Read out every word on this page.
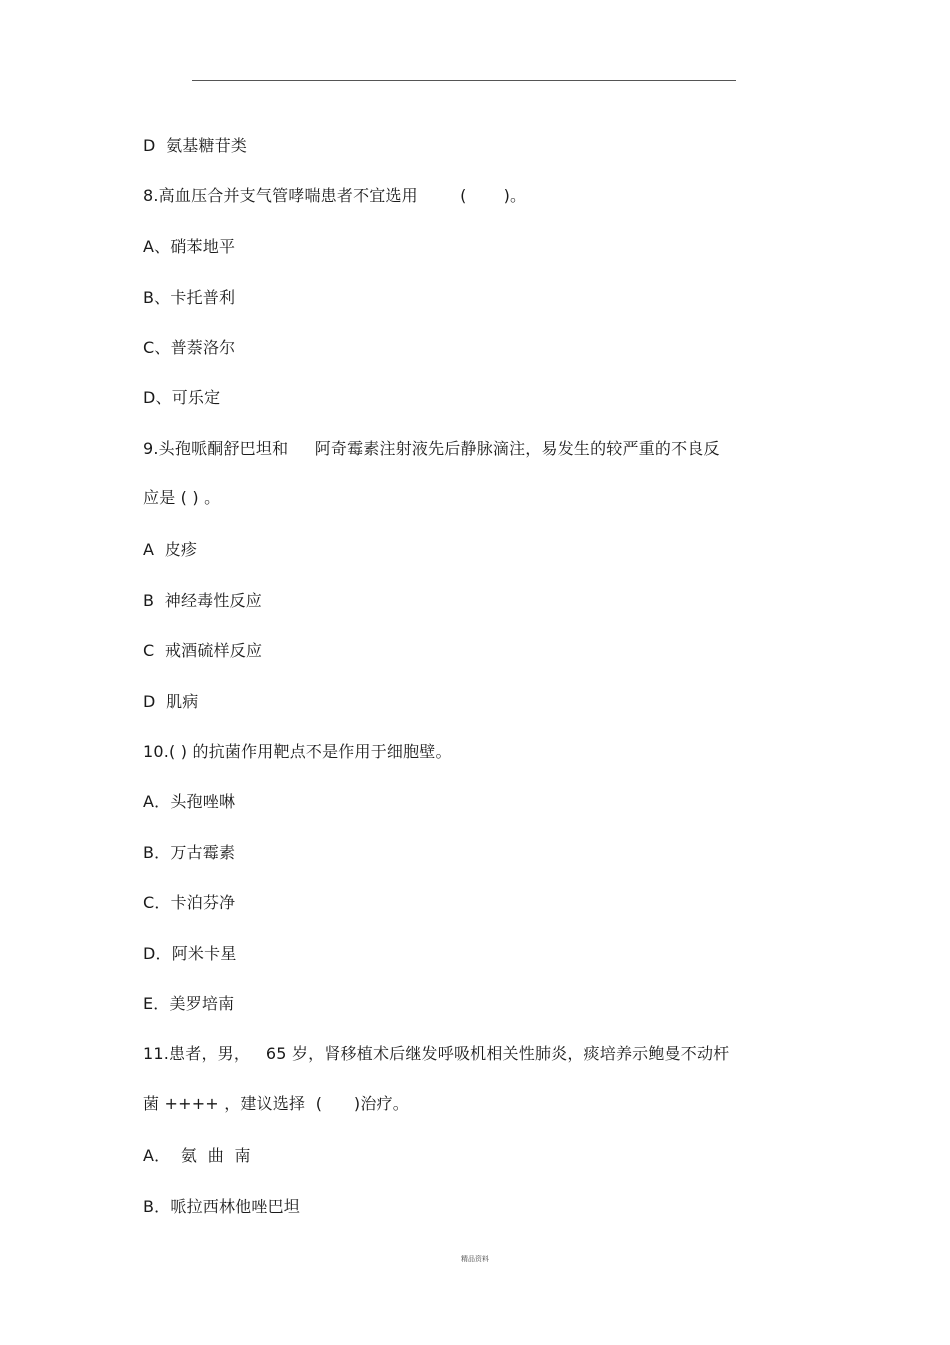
D  氨基糖苷类
8.高血压合并支气管哮喘患者不宜选用        (       )。
A、硝苯地平
B、卡托普利
C、普萘洛尔
D、可乐定
9.头孢哌酮舒巴坦和     阿奇霉素注射液先后静脉滴注，易发生的较严重的不良反
应是 ( ) 。
A  皮疹
B  神经毒性反应
C  戒酒硫样反应
D  肌病
10.( ) 的抗菌作用靶点不是作用于细胞壁。
A．头孢唑啉
B．万古霉素
C．卡泊芬净
D．阿米卡星
E．美罗培南
11.患者，男，   65 岁，肾移植术后继发呼吸机相关性肺炎，痰培养示鲍曼不动杆
菌 ++++ ，建议选择  (      )治疗。
A．  氨  曲  南
B．哌拉西林他唑巴坦
精品资料
